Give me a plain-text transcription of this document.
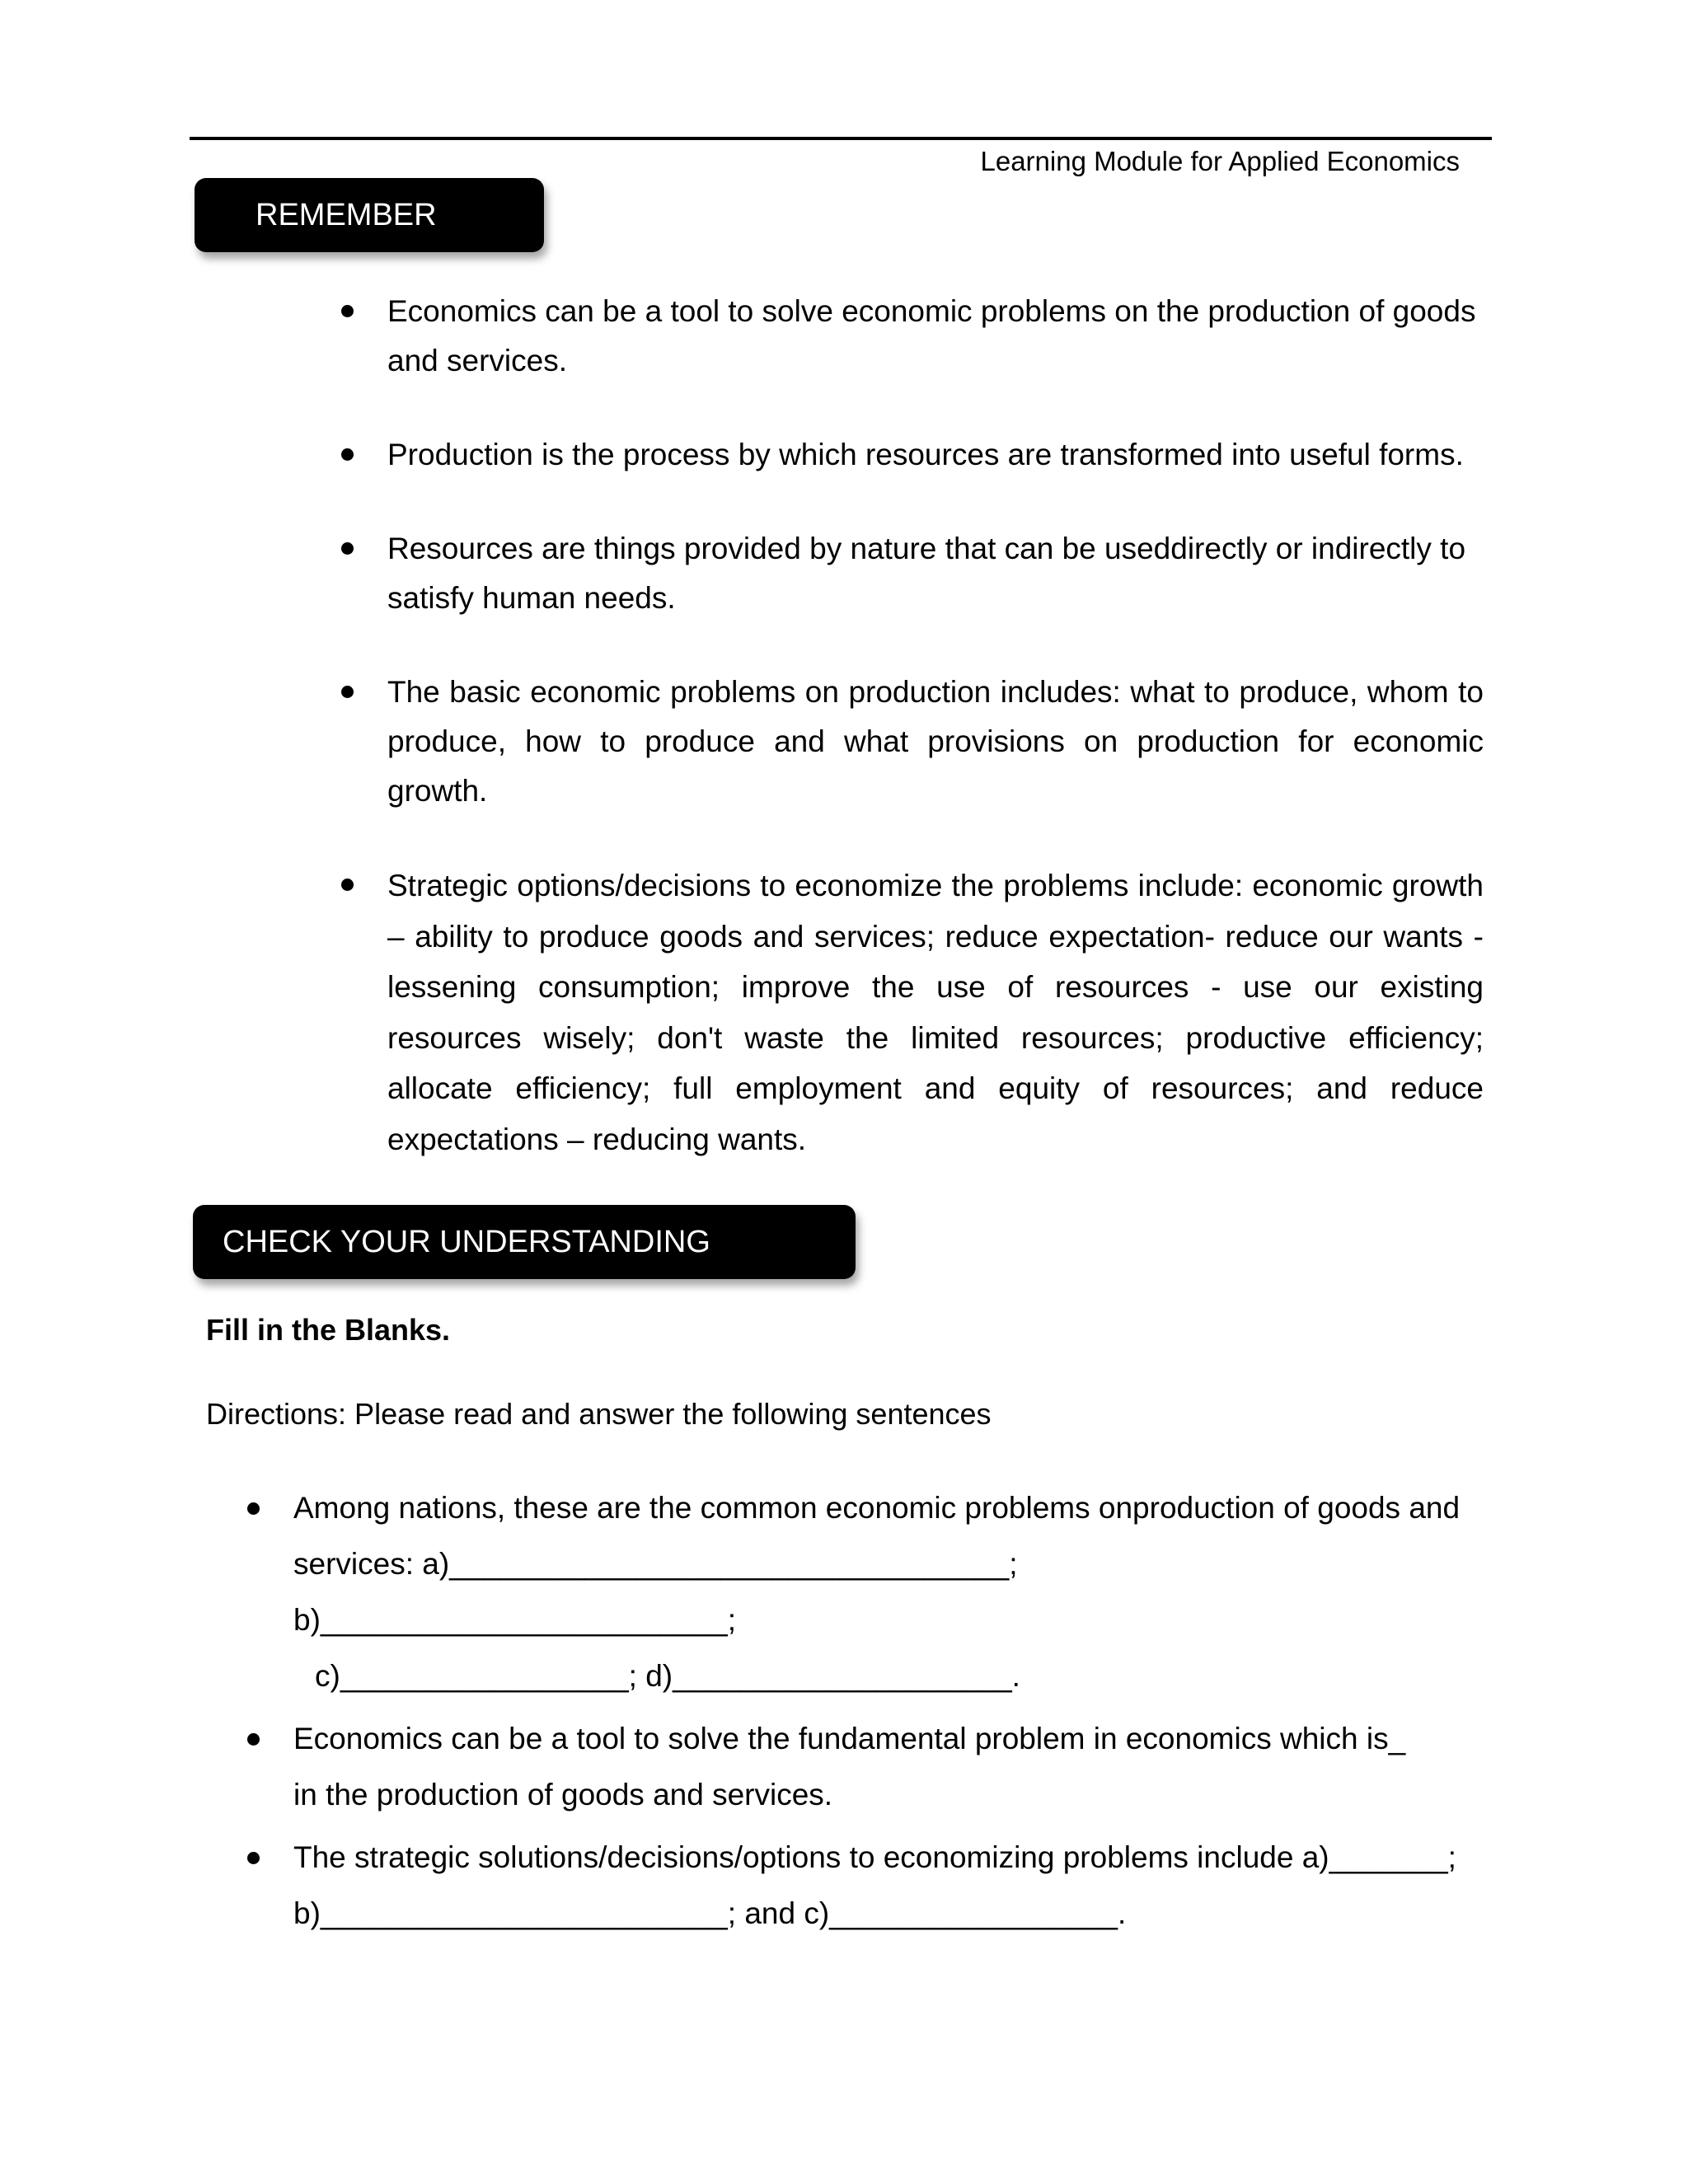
Learning Module for Applied Economics
REMEMBER
Economics can be a tool to solve economic problems on the production of goods and services.
Production is the process by which resources are transformed into useful forms.
Resources are things provided by nature that can be useddirectly or indirectly to satisfy human needs.
The basic economic problems on production includes: what to produce, whom to produce, how to produce and what provisions on production for economic growth.
Strategic options/decisions to economize the problems include: economic growth – ability to produce goods and services; reduce expectation- reduce our wants - lessening consumption; improve the use of resources - use our existing resources wisely; don't waste the limited resources; productive efficiency; allocate efficiency; full employment and equity of resources; and reduce expectations – reducing wants.
CHECK YOUR UNDERSTANDING
Fill in the Blanks.
Directions: Please read and answer the following sentences
Among nations, these are the common economic problems onproduction of goods and
services: a)_________________________________; b)________________________;
c)_________________; d)____________________.
Economics can be a tool to solve the fundamental problem in economics which is_
in the production of goods and services.
The strategic solutions/decisions/options to economizing problems include a)_______;
b)________________________; and c)_________________.
